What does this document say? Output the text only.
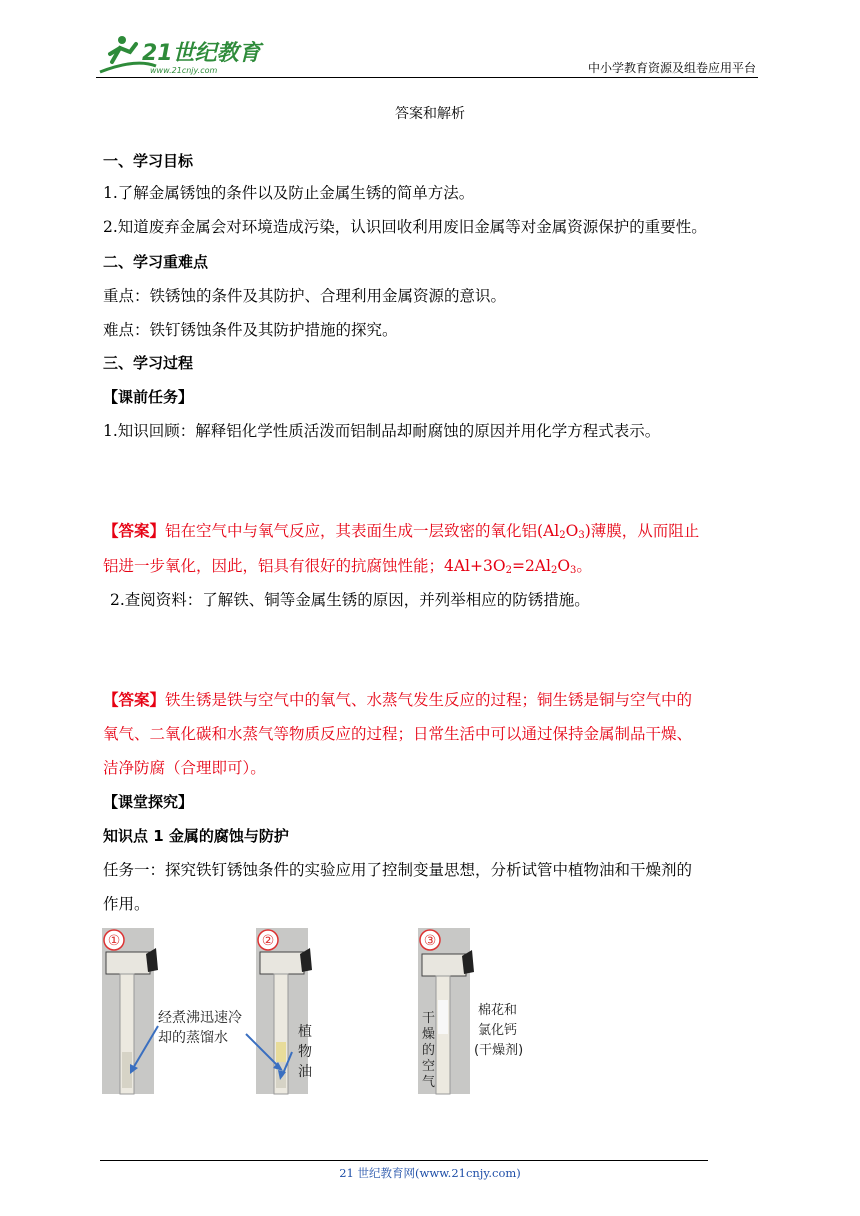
21世纪教育
www.21cnjy.com	中小学教育资源及组卷应用平台
答案和解析
一、学习目标
1.了解金属锈蚀的条件以及防止金属生锈的简单方法。
2.知道废弃金属会对环境造成污染，认识回收利用废旧金属等对金属资源保护的重要性。
二、学习重难点
重点：铁锈蚀的条件及其防护、合理利用金属资源的意识。
难点：铁钉锈蚀条件及其防护措施的探究。
三、学习过程
【课前任务】
1.知识回顾：解释铝化学性质活泼而铝制品却耐腐蚀的原因并用化学方程式表示。
【答案】铝在空气中与氧气反应，其表面生成一层致密的氧化铝$(Al_2O_3)$薄膜，从而阻止
铝进一步氧化，因此，铝具有很好的抗腐蚀性能；$4Al+3O_2=2Al_2O_3$。
2.查阅资料：了解铁、铜等金属生锈的原因，并列举相应的防锈措施。
【答案】铁生锈是铁与空气中的氧气、水蒸气发生反应的过程；铜生锈是铜与空气中的
氧气、二氧化碳和水蒸气等物质反应的过程；日常生活中可以通过保持金属制品干燥、
洁净防腐（合理即可）。
【课堂探究】
知识点 1 金属的腐蚀与防护
任务一：探究铁钉锈蚀条件的实验应用了控制变量思想，分析试管中植物油和干燥剂的
作用。
①	②	③
经煮沸迅速冷
却的蒸馏水	植
物
油
干
燥
的
空
气
棉花和
氯化钙
(干燥剂)
21 世纪教育网(www.21cnjy.com)
